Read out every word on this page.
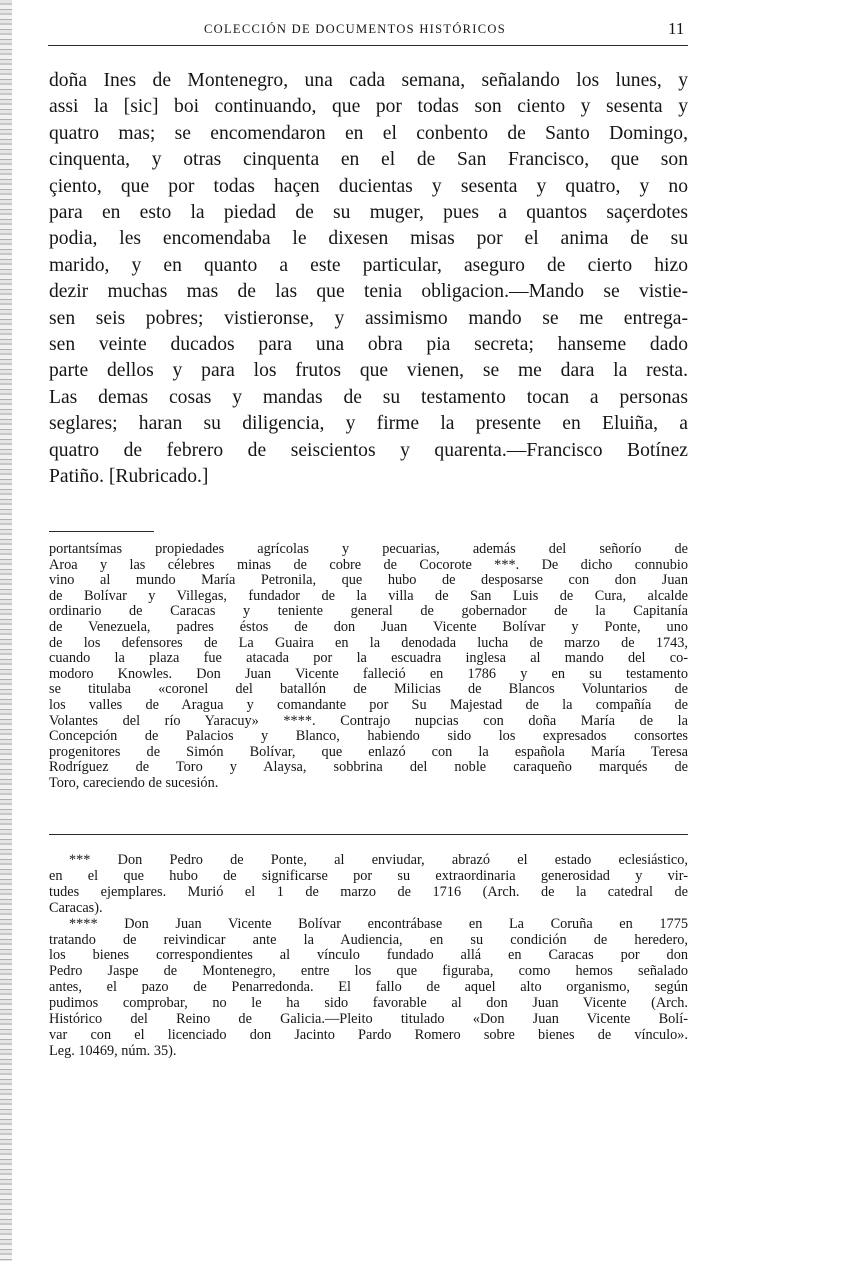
COLECCIÓN DE DOCUMENTOS HISTÓRICOS	11
doña Ines de Montenegro, una cada semana, señalando los lunes, y
assi la [sic] boi continuando, que por todas son ciento y sesenta y
quatro mas; se encomendaron en el conbento de Santo Domingo,
cinquenta, y otras cinquenta en el de San Francisco, que son
çiento, que por todas haçen ducientas y sesenta y quatro, y no
para en esto la piedad de su muger, pues a quantos saçerdotes
podia, les encomendaba le dixesen misas por el anima de su
marido, y en quanto a este particular, aseguro de cierto hizo
dezir muchas mas de las que tenia obligacion.—Mando se vistie-
sen seis pobres; vistieronse, y assimismo mando se me entrega-
sen veinte ducados para una obra pia secreta; hanseme dado
parte dellos y para los frutos que vienen, se me dara la resta.
Las demas cosas y mandas de su testamento tocan a personas
seglares; haran su diligencia, y firme la presente en Eluiña, a
quatro de febrero de seiscientos y quarenta.—Francisco Botínez
Patiño. [Rubricado.]
portantsímas propiedades agrícolas y pecuarias, además del señorío de
Aroa y las célebres minas de cobre de Cocorote ***. De dicho connubio
vino al mundo María Petronila, que hubo de desposarse con don Juan
de Bolívar y Villegas, fundador de la villa de San Luis de Cura, alcalde
ordinario de Caracas y teniente general de gobernador de la Capitanía
de Venezuela, padres éstos de don Juan Vicente Bolívar y Ponte, uno
de los defensores de La Guaira en la denodada lucha de marzo de 1743,
cuando la plaza fue atacada por la escuadra inglesa al mando del co-
modoro Knowles. Don Juan Vicente falleció en 1786 y en su testamento
se titulaba «coronel del batallón de Milicias de Blancos Voluntarios de
los valles de Aragua y comandante por Su Majestad de la compañía de
Volantes del río Yaracuy» ****. Contrajo nupcias con doña María de la
Concepción de Palacios y Blanco, habiendo sido los expresados consortes
progenitores de Simón Bolívar, que enlazó con la española María Teresa
Rodríguez de Toro y Alaysa, sobbrina del noble caraqueño marqués de
Toro, careciendo de sucesión.
*** Don Pedro de Ponte, al enviudar, abrazó el estado eclesiástico,
en el que hubo de significarse por su extraordinaria generosidad y vir-
tudes ejemplares. Murió el 1 de marzo de 1716 (Arch. de la catedral de
Caracas).
**** Don Juan Vicente Bolívar encontrábase en La Coruña en 1775
tratando de reivindicar ante la Audiencia, en su condición de heredero,
los bienes correspondientes al vínculo fundado allá en Caracas por don
Pedro Jaspe de Montenegro, entre los que figuraba, como hemos señalado
antes, el pazo de Penarredonda. El fallo de aquel alto organismo, según
pudimos comprobar, no le ha sido favorable al don Juan Vicente (Arch.
Histórico del Reino de Galicia.—Pleito titulado «Don Juan Vicente Bolí-
var con el licenciado don Jacinto Pardo Romero sobre bienes de vínculo».
Leg. 10469, núm. 35).
